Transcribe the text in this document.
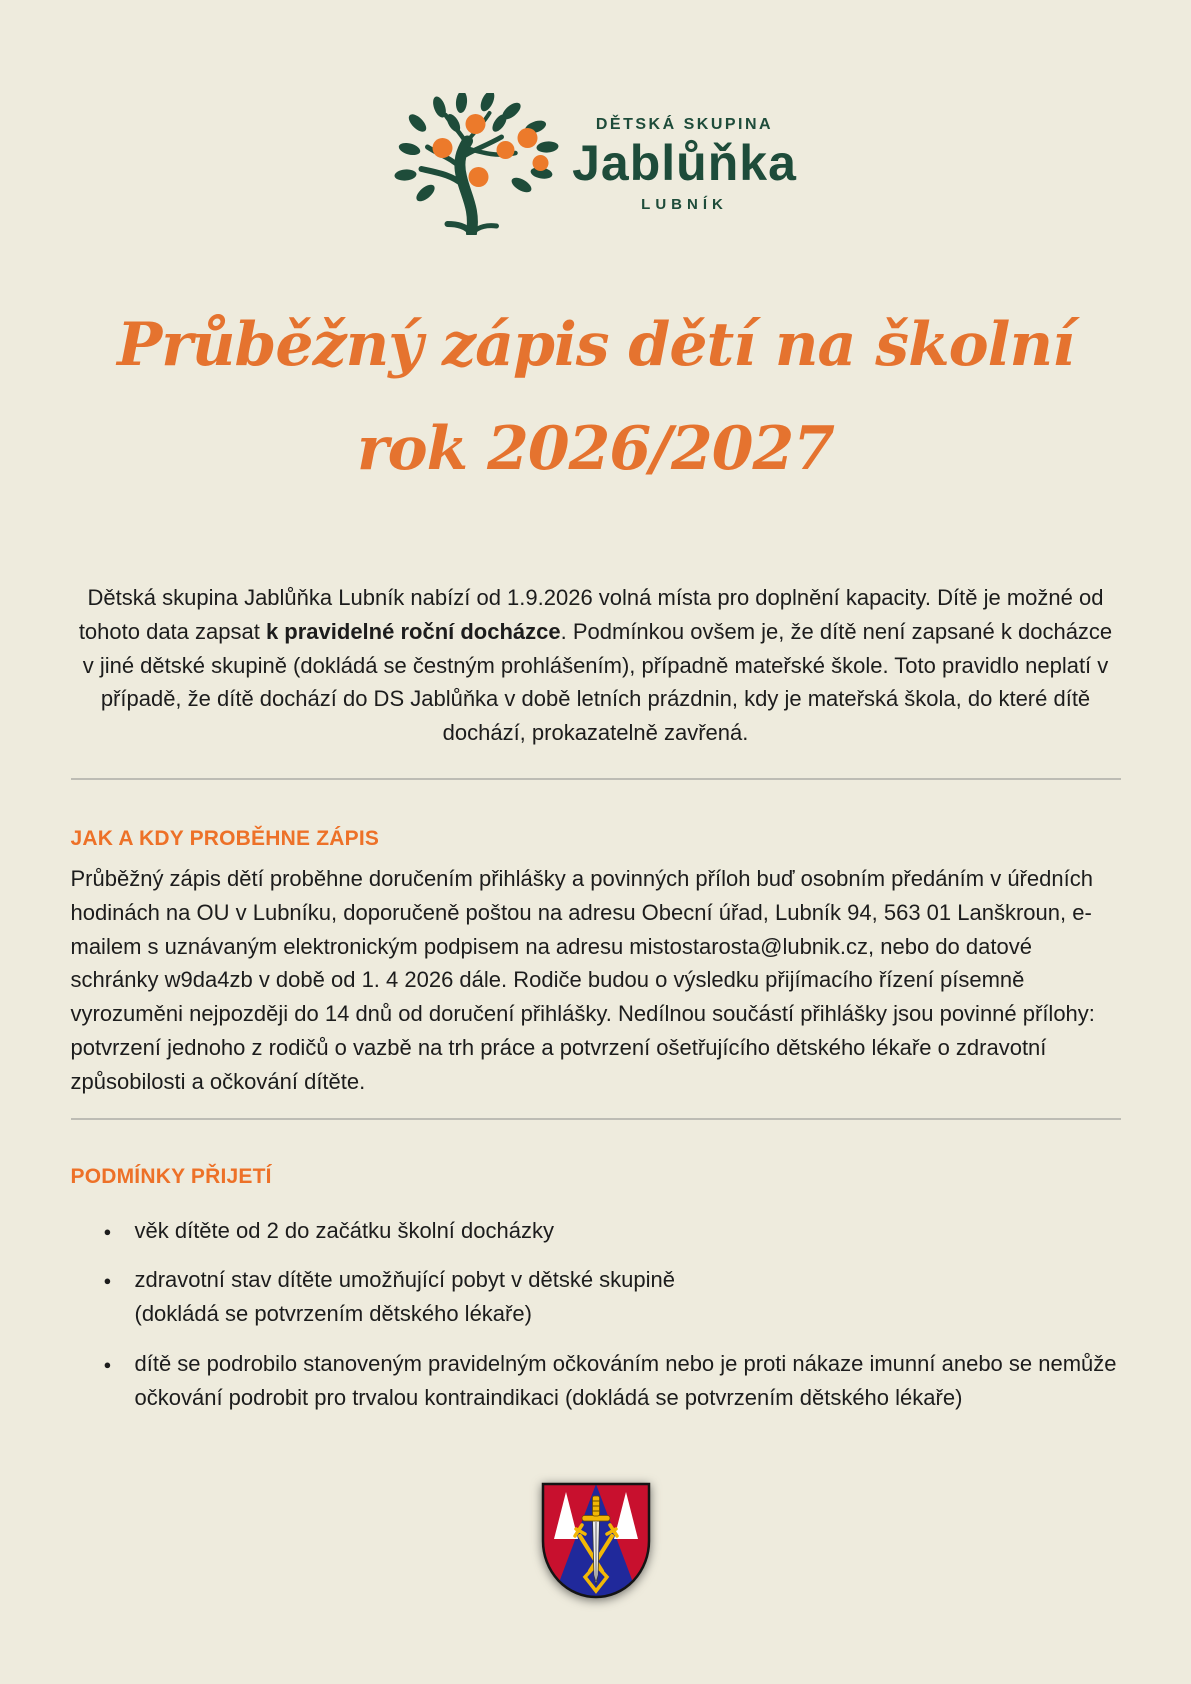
DĚTSKÁ SKUPINA
Jablůňka
LUBNÍK
Průběžný zápis dětí na školní
rok 2026/2027

Dětská skupina Jablůňka Lubník nabízí od 1.9.2026 volná místa pro doplnění kapacity. Dítě je možné od tohoto data zapsat k pravidelné roční docházce. Podmínkou ovšem je, že dítě není zapsané k docházce v jiné dětské skupině (dokládá se čestným prohlášením), případně mateřské škole. Toto pravidlo neplatí v případě, že dítě dochází do DS Jablůňka v době letních prázdnin, kdy je mateřská škola, do které dítě dochází, prokazatelně zavřená.

JAK A KDY PROBĚHNE ZÁPIS

Průběžný zápis dětí proběhne doručením přihlášky a povinných příloh buď osobním předáním v úředních hodinách na OU v Lubníku, doporučeně poštou na adresu Obecní úřad, Lubník 94, 563 01 Lanškroun, e-mailem s uznávaným elektronickým podpisem na adresu mistostarosta@lubnik.cz, nebo do datové schránky w9da4zb v době od 1. 4 2026 dále. Rodiče budou o výsledku přijímacího řízení písemně vyrozuměni nejpozději do 14 dnů od doručení přihlášky. Nedílnou součástí přihlášky jsou povinné přílohy: potvrzení jednoho z rodičů o vazbě na trh práce a potvrzení ošetřujícího dětského lékaře o zdravotní způsobilosti a očkování dítěte.

PODMÍNKY PŘIJETÍ
● věk dítěte od 2 do začátku školní docházky
● zdravotní stav dítěte umožňující pobyt v dětské skupině
(dokládá se potvrzením dětského lékaře)
● dítě se podrobilo stanoveným pravidelným očkováním nebo je proti nákaze imunní anebo se nemůže očkování podrobit pro trvalou kontraindikaci (dokládá se potvrzením dětského lékaře)
